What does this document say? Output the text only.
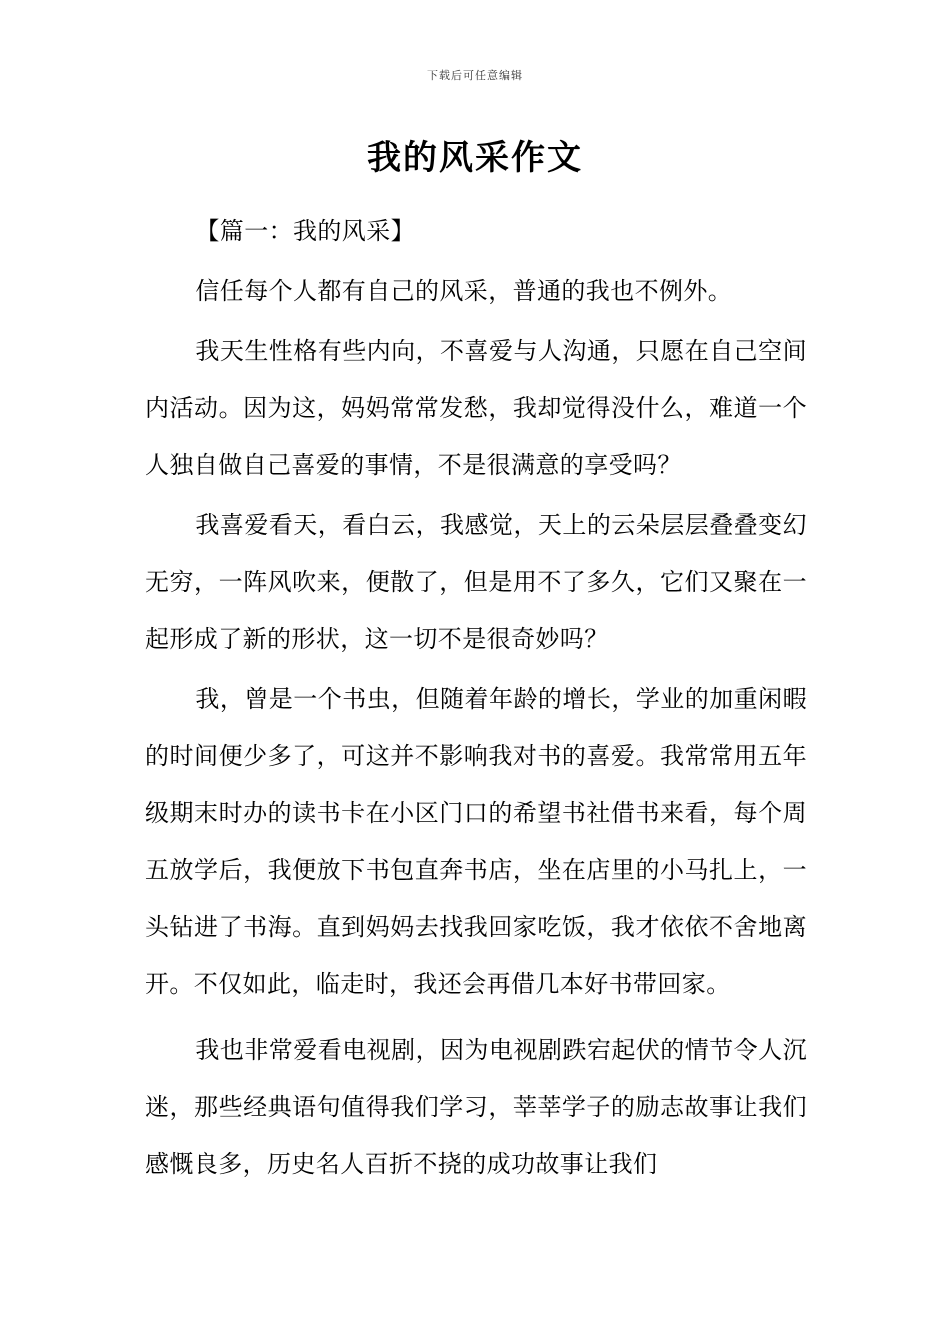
下载后可任意编辑
我的风采作文

【篇一：我的风采】

信任每个人都有自己的风采，普通的我也不例外。

我天生性格有些内向，不喜爱与人沟通，只愿在自己空间内活动。因为这，妈妈常常发愁，我却觉得没什么，难道一个人独自做自己喜爱的事情，不是很满意的享受吗？

我喜爱看天，看白云，我感觉，天上的云朵层层叠叠变幻无穷，一阵风吹来，便散了，但是用不了多久，它们又聚在一起形成了新的形状，这一切不是很奇妙吗？

我，曾是一个书虫，但随着年龄的增长，学业的加重闲暇的时间便少多了，可这并不影响我对书的喜爱。我常常用五年级期末时办的读书卡在小区门口的希望书社借书来看，每个周五放学后，我便放下书包直奔书店，坐在店里的小马扎上，一头钻进了书海。直到妈妈去找我回家吃饭，我才依依不舍地离开。不仅如此，临走时，我还会再借几本好书带回家。

我也非常爱看电视剧，因为电视剧跌宕起伏的情节令人沉迷，那些经典语句值得我们学习，莘莘学子的励志故事让我们感慨良多，历史名人百折不挠的成功故事让我们
